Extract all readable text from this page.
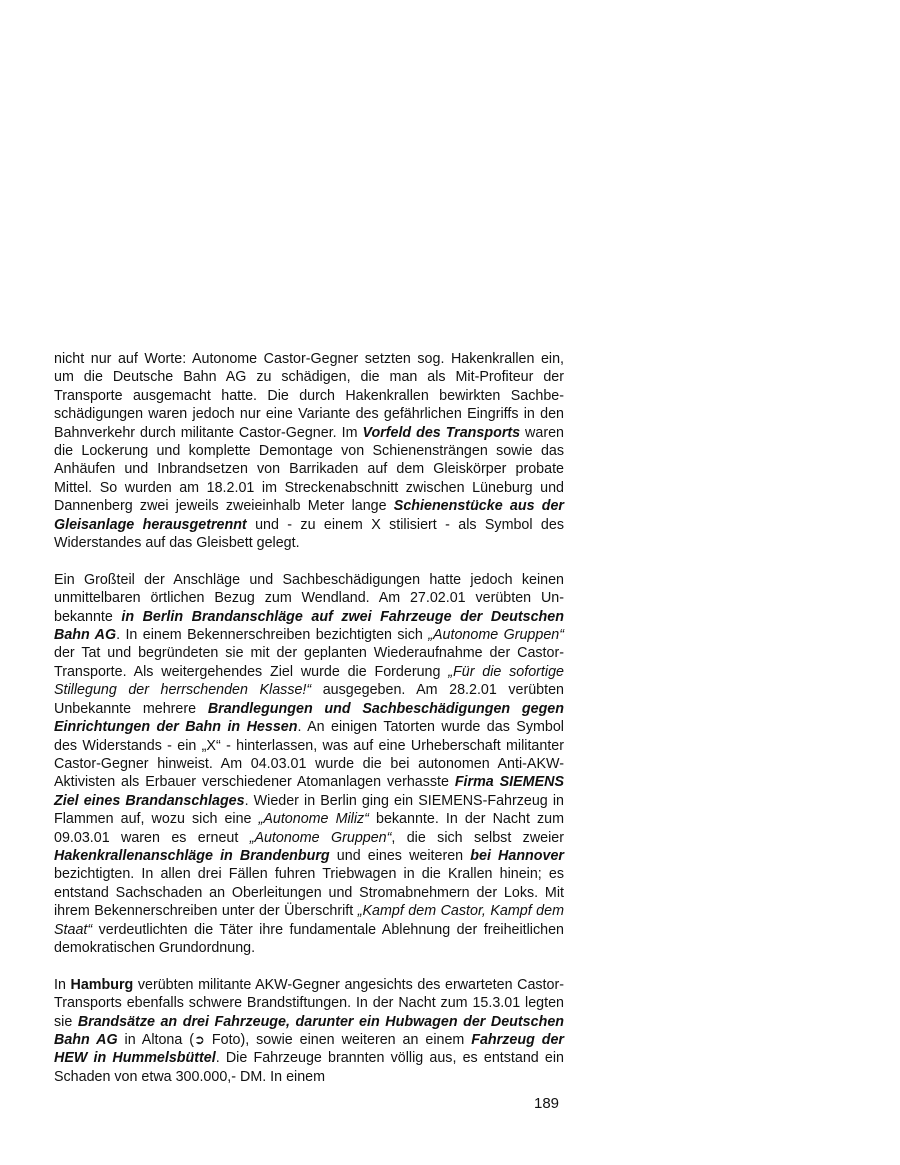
nicht nur auf Worte: Autonome Castor-Gegner setzten sog. Hakenkrallen ein, um die Deutsche Bahn AG zu schädigen, die man als Mit-Profiteur der Transporte ausgemacht hatte. Die durch Hakenkrallen bewirkten Sachbeschädigungen waren jedoch nur eine Variante des gefährlichen Eingriffs in den Bahnverkehr durch militante Castor-Gegner. Im Vorfeld des Transports waren die Lockerung und komplette Demontage von Schienensträngen sowie das Anhäufen und Inbrandsetzen von Barrikaden auf dem Gleiskörper probate Mittel. So wurden am 18.2.01 im Streckenabschnitt zwischen Lüneburg und Dannenberg zwei jeweils zweieinhalb Meter lange Schienenstücke aus der Gleisanlage herausgetrennt und - zu einem X stilisiert - als Symbol des Widerstandes auf das Gleisbett gelegt.

Ein Großteil der Anschläge und Sachbeschädigungen hatte jedoch keinen unmittelbaren örtlichen Bezug zum Wendland. Am 27.02.01 verübten Unbekannte in Berlin Brandanschläge auf zwei Fahrzeuge der Deutschen Bahn AG. In einem Bekennerschreiben bezichtigten sich „Autonome Gruppen“ der Tat und begründeten sie mit der geplanten Wiederaufnahme der Castor-Transporte. Als weitergehendes Ziel wurde die Forderung „Für die sofortige Stillegung der herrschenden Klasse!“ ausgegeben. Am 28.2.01 verübten Unbekannte mehrere Brandlegungen und Sachbeschädigungen gegen Einrichtungen der Bahn in Hessen. An einigen Tatorten wurde das Symbol des Widerstands - ein „X“ - hinterlassen, was auf eine Urheberschaft militanter Castor-Gegner hinweist. Am 04.03.01 wurde die bei autonomen Anti-AKW-Aktivisten als Erbauer verschiedener Atomanlagen verhasste Firma SIEMENS Ziel eines Brandanschlages. Wieder in Berlin ging ein SIEMENS-Fahrzeug in Flammen auf, wozu sich eine „Autonome Miliz“ bekannte. In der Nacht zum 09.03.01 waren es erneut „Autonome Gruppen“, die sich selbst zweier Hakenkrallenanschläge in Brandenburg und eines weiteren bei Hannover bezichtigten. In allen drei Fällen fuhren Triebwagen in die Krallen hinein; es entstand Sachschaden an Oberleitungen und Stromabnehmern der Loks. Mit ihrem Bekennerschreiben unter der Überschrift „Kampf dem Castor, Kampf dem Staat“ verdeutlichten die Täter ihre fundamentale Ablehnung der freiheitlichen demokratischen Grundordnung.

In Hamburg verübten militante AKW-Gegner angesichts des erwarteten Castor-Transports ebenfalls schwere Brandstiftungen. In der Nacht zum 15.3.01 legten sie Brandsätze an drei Fahrzeuge, darunter ein Hubwagen der Deutschen Bahn AG in Altona (➲ Foto), sowie einen weiteren an einem Fahrzeug der HEW in Hummelsbüttel. Die Fahrzeuge brannten völlig aus, es entstand ein Schaden von etwa 300.000,- DM. In einem

189
